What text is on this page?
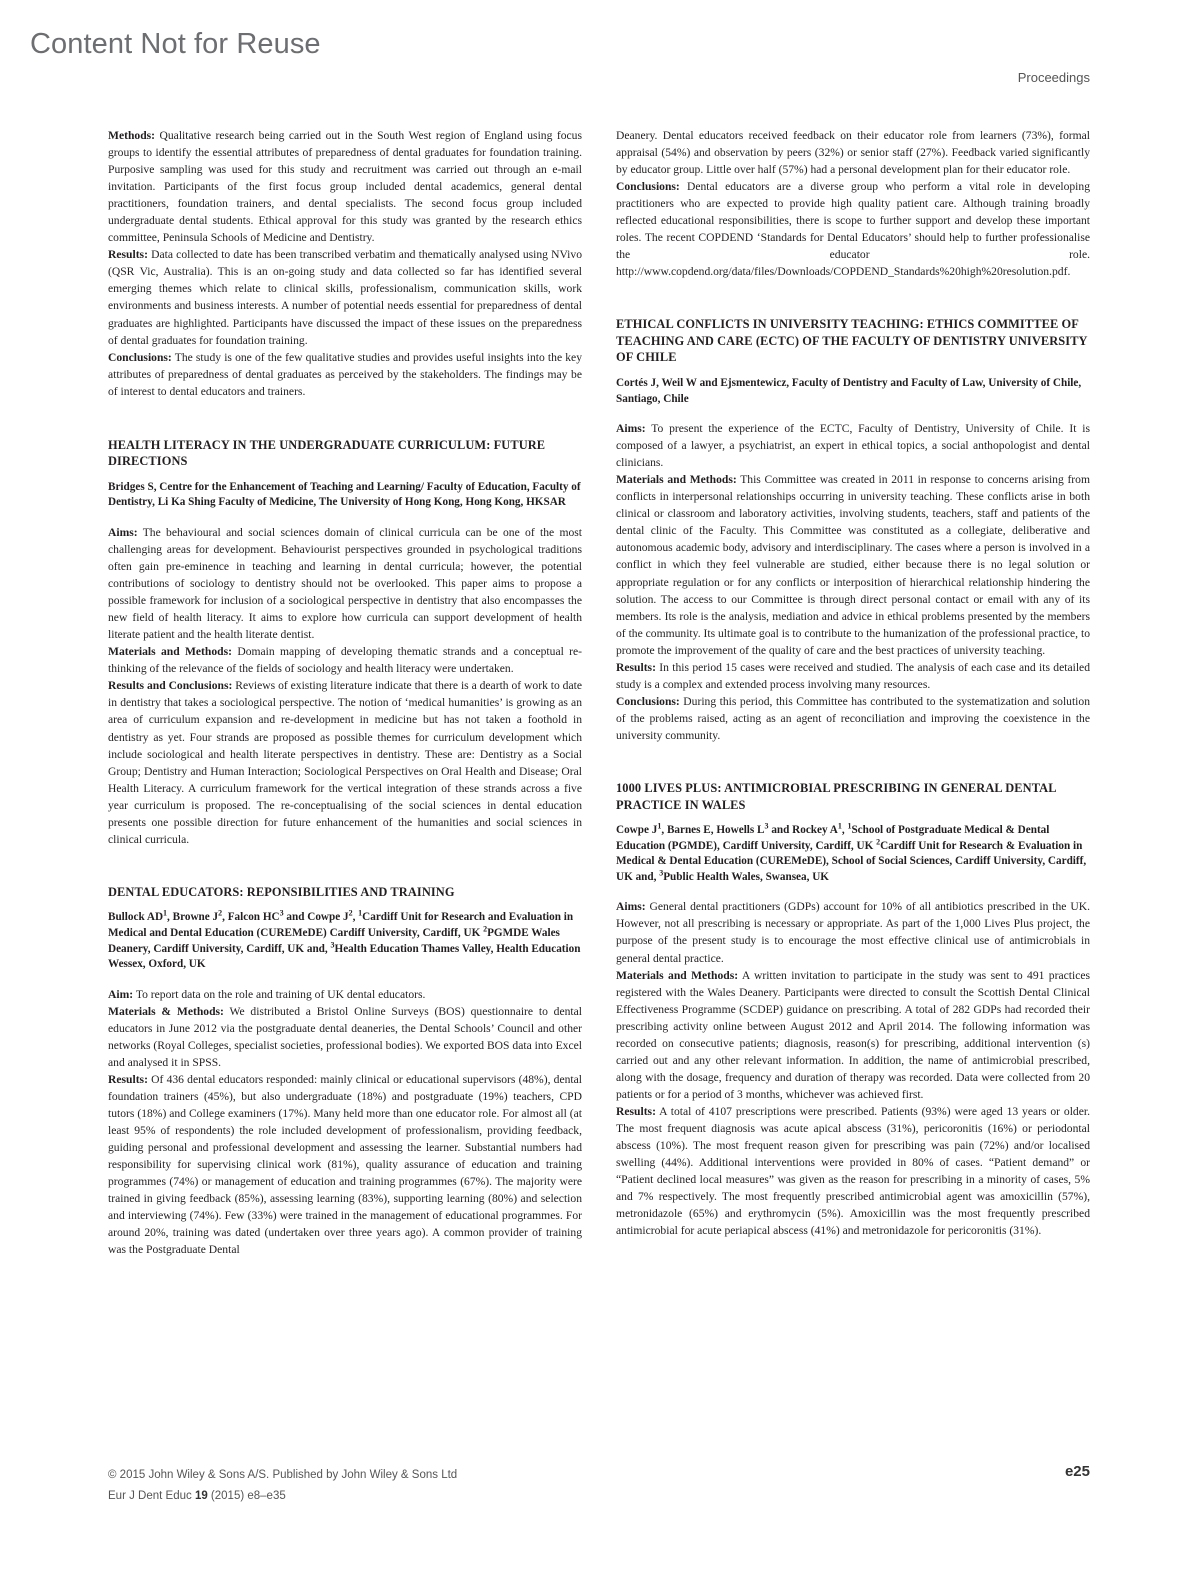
Content Not for Reuse
Proceedings

Methods: Qualitative research being carried out in the South West region of England using focus groups to identify the essential attributes of preparedness of dental graduates for foundation training. Purposive sampling was used for this study and recruitment was carried out through an e-mail invitation. Participants of the first focus group included dental academics, general dental practitioners, foundation trainers, and dental specialists. The second focus group included undergraduate dental students. Ethical approval for this study was granted by the research ethics committee, Peninsula Schools of Medicine and Dentistry.

Results: Data collected to date has been transcribed verbatim and thematically analysed using NVivo (QSR Vic, Australia). This is an on-going study and data collected so far has identified several emerging themes which relate to clinical skills, professionalism, communication skills, work environments and business interests. A number of potential needs essential for preparedness of dental graduates are highlighted. Participants have discussed the impact of these issues on the preparedness of dental graduates for foundation training.

Conclusions: The study is one of the few qualitative studies and provides useful insights into the key attributes of preparedness of dental graduates as perceived by the stakeholders. The findings may be of interest to dental educators and trainers.

HEALTH LITERACY IN THE UNDERGRADUATE CURRICULUM: FUTURE DIRECTIONS

Bridges S, Centre for the Enhancement of Teaching and Learning/ Faculty of Education, Faculty of Dentistry, Li Ka Shing Faculty of Medicine, The University of Hong Kong, Hong Kong, HKSAR

Aims: The behavioural and social sciences domain of clinical curricula can be one of the most challenging areas for development. Behaviourist perspectives grounded in psychological traditions often gain pre-eminence in teaching and learning in dental curricula; however, the potential contributions of sociology to dentistry should not be overlooked. This paper aims to propose a possible framework for inclusion of a sociological perspective in dentistry that also encompasses the new field of health literacy. It aims to explore how curricula can support development of health literate patient and the health literate dentist.

Materials and Methods: Domain mapping of developing thematic strands and a conceptual re-thinking of the relevance of the fields of sociology and health literacy were undertaken.

Results and Conclusions: Reviews of existing literature indicate that there is a dearth of work to date in dentistry that takes a sociological perspective. The notion of ‘medical humanities’ is growing as an area of curriculum expansion and re-development in medicine but has not taken a foothold in dentistry as yet. Four strands are proposed as possible themes for curriculum development which include sociological and health literate perspectives in dentistry. These are: Dentistry as a Social Group; Dentistry and Human Interaction; Sociological Perspectives on Oral Health and Disease; Oral Health Literacy. A curriculum framework for the vertical integration of these strands across a five year curriculum is proposed. The re-conceptualising of the social sciences in dental education presents one possible direction for future enhancement of the humanities and social sciences in clinical curricula.

DENTAL EDUCATORS: REPONSIBILITIES AND TRAINING

Bullock $AD^1$, Browne $J^2$, Falcon $HC^3$ and Cowpe $J^2$, $^1$Cardiff Unit for Research and Evaluation in Medical and Dental Education (CUREMeDE) Cardiff University, Cardiff, UK $^2$PGMDE Wales Deanery, Cardiff University, Cardiff, UK and, $^3$Health Education Thames Valley, Health Education Wessex, Oxford, UK

Aim: To report data on the role and training of UK dental educators.

Materials & Methods: We distributed a Bristol Online Surveys (BOS) questionnaire to dental educators in June 2012 via the postgraduate dental deaneries, the Dental Schools’ Council and other networks (Royal Colleges, specialist societies, professional bodies). We exported BOS data into Excel and analysed it in SPSS.

Results: Of 436 dental educators responded: mainly clinical or educational supervisors (48%), dental foundation trainers (45%), but also undergraduate (18%) and postgraduate (19%) teachers, CPD tutors (18%) and College examiners (17%). Many held more than one educator role. For almost all (at least 95% of respondents) the role included development of professionalism, providing feedback, guiding personal and professional development and assessing the learner. Substantial numbers had responsibility for supervising clinical work (81%), quality assurance of education and training programmes (74%) or management of education and training programmes (67%). The majority were trained in giving feedback (85%), assessing learning (83%), supporting learning (80%) and selection and interviewing (74%). Few (33%) were trained in the management of educational programmes. For around 20%, training was dated (undertaken over three years ago). A common provider of training was the Postgraduate Dental

Deanery. Dental educators received feedback on their educator role from learners (73%), formal appraisal (54%) and observation by peers (32%) or senior staff (27%). Feedback varied significantly by educator group. Little over half (57%) had a personal development plan for their educator role.

Conclusions: Dental educators are a diverse group who perform a vital role in developing practitioners who are expected to provide high quality patient care. Although training broadly reflected educational responsibilities, there is scope to further support and develop these important roles. The recent COPDEND ‘Standards for Dental Educators’ should help to further professionalise the educator role. http://www.copdend.org/data/files/Downloads/COPDEND_Standards%20high%20resolution.pdf.

ETHICAL CONFLICTS IN UNIVERSITY TEACHING: ETHICS COMMITTEE OF TEACHING AND CARE (ECTC) OF THE FACULTY OF DENTISTRY UNIVERSITY OF CHILE

Cortés J, Weil W and Ejsmentewicz, Faculty of Dentistry and Faculty of Law, University of Chile, Santiago, Chile

Aims: To present the experience of the ECTC, Faculty of Dentistry, University of Chile. It is composed of a lawyer, a psychiatrist, an expert in ethical topics, a social anthopologist and dental clinicians.

Materials and Methods: This Committee was created in 2011 in response to concerns arising from conflicts in interpersonal relationships occurring in university teaching. These conflicts arise in both clinical or classroom and laboratory activities, involving students, teachers, staff and patients of the dental clinic of the Faculty. This Committee was constituted as a collegiate, deliberative and autonomous academic body, advisory and interdisciplinary. The cases where a person is involved in a conflict in which they feel vulnerable are studied, either because there is no legal solution or appropriate regulation or for any conflicts or interposition of hierarchical relationship hindering the solution. The access to our Committee is through direct personal contact or email with any of its members. Its role is the analysis, mediation and advice in ethical problems presented by the members of the community. Its ultimate goal is to contribute to the humanization of the professional practice, to promote the improvement of the quality of care and the best practices of university teaching.

Results: In this period 15 cases were received and studied. The analysis of each case and its detailed study is a complex and extended process involving many resources.

Conclusions: During this period, this Committee has contributed to the systematization and solution of the problems raised, acting as an agent of reconciliation and improving the coexistence in the university community.

1000 LIVES PLUS: ANTIMICROBIAL PRESCRIBING IN GENERAL DENTAL PRACTICE IN WALES

Cowpe $J^1$, Barnes E, Howells $L^3$ and Rockey $A^1$, $^1$School of Postgraduate Medical & Dental Education (PGMDE), Cardiff University, Cardiff, UK $^2$Cardiff Unit for Research & Evaluation in Medical & Dental Education (CUREMeDE), School of Social Sciences, Cardiff University, Cardiff, UK and, $^3$Public Health Wales, Swansea, UK

Aims: General dental practitioners (GDPs) account for 10% of all antibiotics prescribed in the UK. However, not all prescribing is necessary or appropriate. As part of the 1,000 Lives Plus project, the purpose of the present study is to encourage the most effective clinical use of antimicrobials in general dental practice.

Materials and Methods: A written invitation to participate in the study was sent to 491 practices registered with the Wales Deanery. Participants were directed to consult the Scottish Dental Clinical Effectiveness Programme (SCDEP) guidance on prescribing. A total of 282 GDPs had recorded their prescribing activity online between August 2012 and April 2014. The following information was recorded on consecutive patients; diagnosis, reason(s) for prescribing, additional intervention (s) carried out and any other relevant information. In addition, the name of antimicrobial prescribed, along with the dosage, frequency and duration of therapy was recorded. Data were collected from 20 patients or for a period of 3 months, whichever was achieved first.

Results: A total of 4107 prescriptions were prescribed. Patients (93%) were aged 13 years or older. The most frequent diagnosis was acute apical abscess (31%), pericoronitis (16%) or periodontal abscess (10%). The most frequent reason given for prescribing was pain (72%) and/or localised swelling (44%). Additional interventions were provided in 80% of cases. “Patient demand” or “Patient declined local measures” was given as the reason for prescribing in a minority of cases, 5% and 7% respectively. The most frequently prescribed antimicrobial agent was amoxicillin (57%), metronidazole (65%) and erythromycin (5%). Amoxicillin was the most frequently prescribed antimicrobial for acute periapical abscess (41%) and metronidazole for pericoronitis (31%).

© 2015 John Wiley & Sons A/S. Published by John Wiley & Sons Ltd
Eur J Dent Educ 19 (2015) e8–e35
e25
